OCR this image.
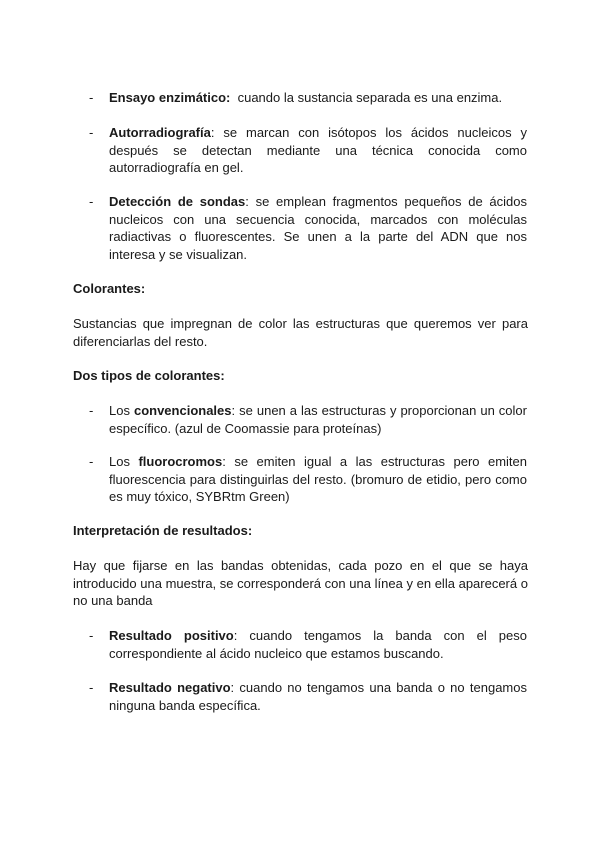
- Ensayo enzimático:  cuando la sustancia separada es una enzima.
- Autorradiografía: se marcan con isótopos los ácidos nucleicos y después se detectan mediante una técnica conocida como autorradiografía en gel.
- Detección de sondas: se emplean fragmentos pequeños de ácidos nucleicos con una secuencia conocida, marcados con moléculas radiactivas o fluorescentes. Se unen a la parte del ADN que nos interesa y se visualizan.
Colorantes:
Sustancias que impregnan de color las estructuras que queremos ver para diferenciarlas del resto.
Dos tipos de colorantes:
- Los convencionales: se unen a las estructuras y proporcionan un color específico. (azul de Coomassie para proteínas)
- Los fluorocromos: se emiten igual a las estructuras pero emiten fluorescencia para distinguirlas del resto. (bromuro de etidio, pero como es muy tóxico, SYBRtm Green)
Interpretación de resultados:
Hay que fijarse en las bandas obtenidas, cada pozo en el que se haya introducido una muestra, se corresponderá con una línea y en ella aparecerá o no una banda
- Resultado positivo: cuando tengamos la banda con el peso correspondiente al ácido nucleico que estamos buscando.
- Resultado negativo: cuando no tengamos una banda o no tengamos ninguna banda específica.
